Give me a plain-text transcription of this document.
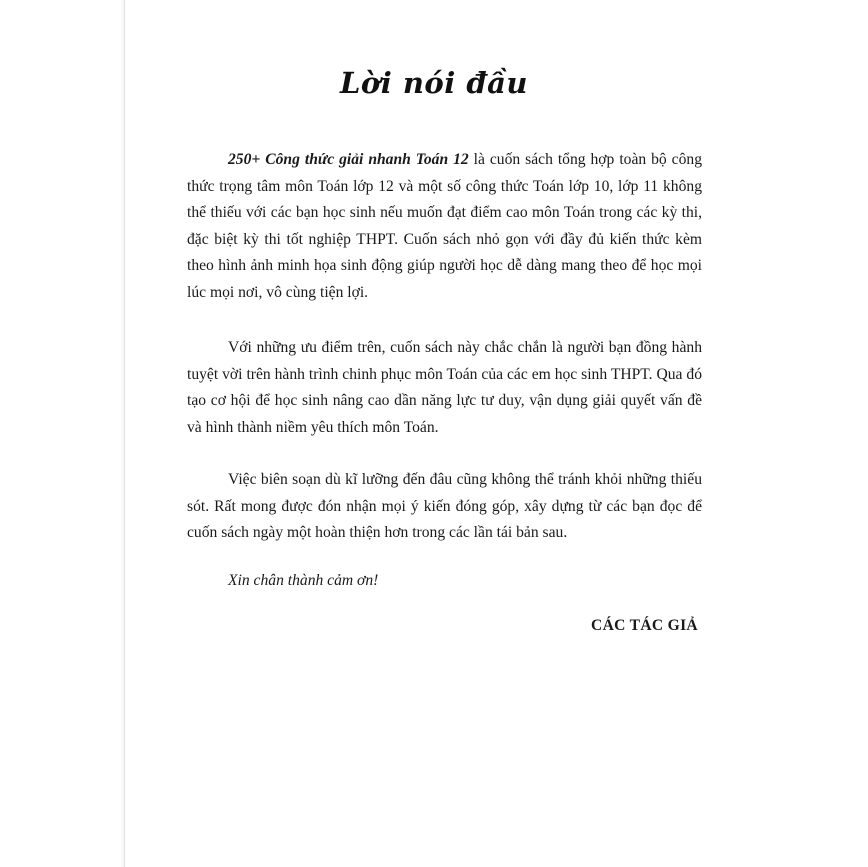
Lời nói đầu

250+ Công thức giải nhanh Toán 12 là cuốn sách tổng hợp toàn bộ công thức trọng tâm môn Toán lớp 12 và một số công thức Toán lớp 10, lớp 11 không thể thiếu với các bạn học sinh nếu muốn đạt điểm cao môn Toán trong các kỳ thi, đặc biệt kỳ thi tốt nghiệp THPT. Cuốn sách nhỏ gọn với đầy đủ kiến thức kèm theo hình ảnh minh họa sinh động giúp người học dễ dàng mang theo để học mọi lúc mọi nơi, vô cùng tiện lợi.

Với những ưu điểm trên, cuốn sách này chắc chắn là người bạn đồng hành tuyệt vời trên hành trình chinh phục môn Toán của các em học sinh THPT. Qua đó tạo cơ hội để học sinh nâng cao dần năng lực tư duy, vận dụng giải quyết vấn đề và hình thành niềm yêu thích môn Toán.

Việc biên soạn dù kĩ lưỡng đến đâu cũng không thể tránh khỏi những thiếu sót. Rất mong được đón nhận mọi ý kiến đóng góp, xây dựng từ các bạn đọc để cuốn sách ngày một hoàn thiện hơn trong các lần tái bản sau.

Xin chân thành cảm ơn!
CÁC TÁC GIẢ
